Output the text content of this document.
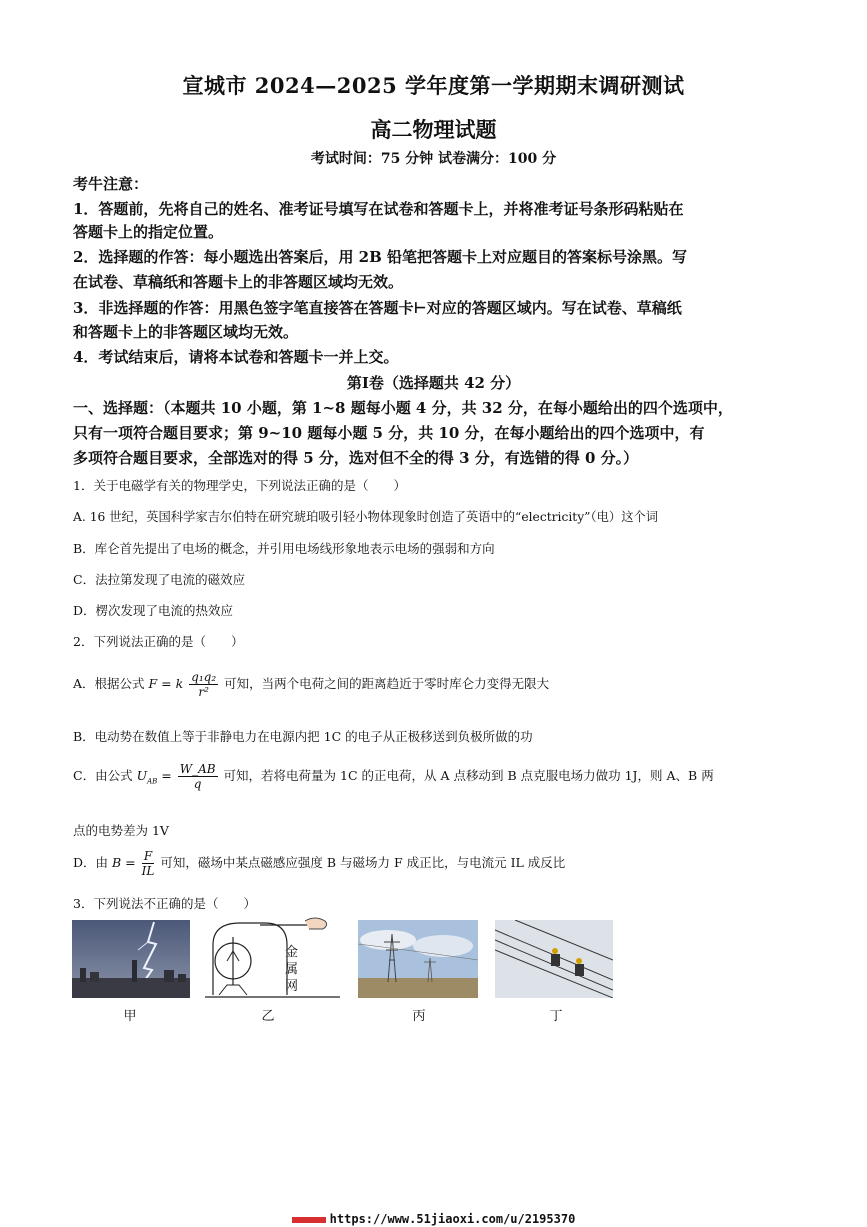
宣城市 2024—2025 学年度第一学期期末调研测试
高二物理试题
考试时间：75 分钟 试卷满分：100 分
考牛注意：
1．答题前，先将自己的姓名、准考证号填写在试卷和答题卡上，并将准考证号条形码粘贴在
答题卡上的指定位置。
2．选择题的作答：每小题选出答案后，用 2B 铅笔把答题卡上对应题目的答案标号涂黑。写
在试卷、草稿纸和答题卡上的非答题区域均无效。
3．非选择题的作答：用黑色签字笔直接答在答题卡⊢对应的答题区域内。写在试卷、草稿纸
和答题卡上的非答题区域均无效。
4．考试结束后，请将本试卷和答题卡一并上交。
第Ⅰ卷（选择题共 42 分）
⼀、选择题：（本题共 10 小题，第 1~8 题每小题 4 分，共 32 分，在每小题给出的四个选项中，
只有一项符合题目要求；第 9~10 题每小题 5 分，共 10 分，在每小题给出的四个选项中，有
多项符合题目要求，全部选对的得 5 分，选对但不全的得 3 分，有选错的得 0 分。）
1．关于电磁学有关的物理学史，下列说法正确的是（　　）
A. 16 世纪，英国科学家吉尔伯特在研究琥珀吸引轻小物体现象时创造了英语中的“electricity”（电）这个词
B．库仑首先提出了电场的概念，并引用电场线形象地表示电场的强弱和方向
C．法拉第发现了电流的磁效应
D．楞次发现了电流的热效应
2．下列说法正确的是（　　）
A．根据公式 F = k $\frac{\text{q₁q₂}}{\text{r²}}$ 可知，当两个电荷之间的距离趋近于零时库仑力变得无限大
B．电动势在数值上等于非静电力在电源内把 1C 的电子从正极移送到负极所做的功
C．由公式 $U_{AB} = \frac{W\_AB}{q}$ 可知，若将电荷量为 1C 的正电荷，从 A 点移动到 B 点克服电场力做功 1J，则 A、B 两
点的电势差为 1V
D．由 $B = \frac{F}{IL}$ 可知，磁场中某点磁感应强度 B 与磁场力 F 成正比，与电流元 IL 成反比
3．下列说法不正确的是（　　）
甲
金
属
网
乙	丙	丁
https://www.51jiaoxi.com/u/2195370
